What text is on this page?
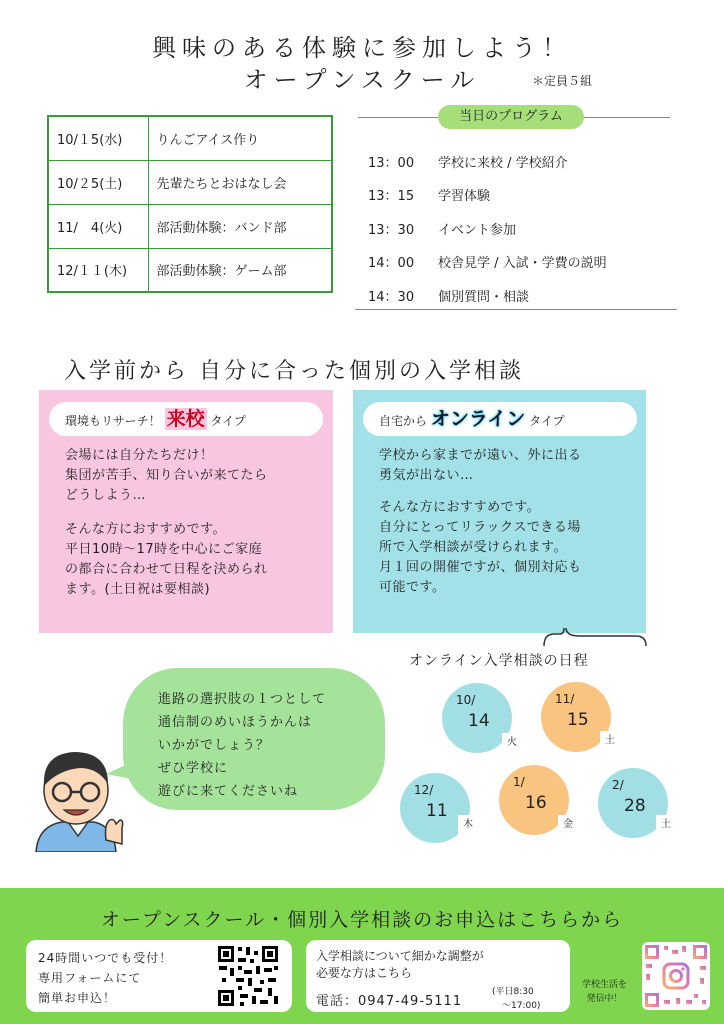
興味のある体験に参加しよう！
オープンスクール	＊定員５組
10/１5(水)	りんごアイス作り
10/２5(土)	先輩たちとおはなし会
11/　4(火)	部活動体験：バンド部
12/１１(木)	部活動体験：ゲーム部
当日のプログラム
13：00 学校に来校 / 学校紹介
13：15 学習体験
13：30 イベント参加
14：00 校舎見学 / 入試・学費の説明
14：30 個別質問・相談
入学前から 自分に合った個別の入学相談
環境もリサーチ！ 来校 タイプ
会場には自分たちだけ！
集団が苦手、知り合いが来てたら
どうしよう…
そんな方におすすめです。
平日10時～17時を中心にご家庭
の都合に合わせて日程を決められ
ます。(土日祝は要相談)
自宅から オンライン タイプ
学校から家までが遠い、外に出る
勇気が出ない…
そんな方におすすめです。
自分にとってリラックスできる場
所で入学相談が受けられます。
月１回の開催ですが、個別対応も
可能です。
進路の選択肢の１つとして
通信制のめいほうかんは
いかがでしょう？
ぜひ学校に
遊びに来てくださいね
オンライン入学相談の日程
10/
14
火
11/
15
土
12/
11
木
1/
16
金
2/
28
土
オープンスクール・個別入学相談のお申込はこちらから
24時間いつでも受付！
専用フォームにて
簡単お申込！
入学相談について細かな調整が
必要な方はこちら
電話：0947-49-5111
(平日8:30
～17:00)
学校生活を
発信中！
